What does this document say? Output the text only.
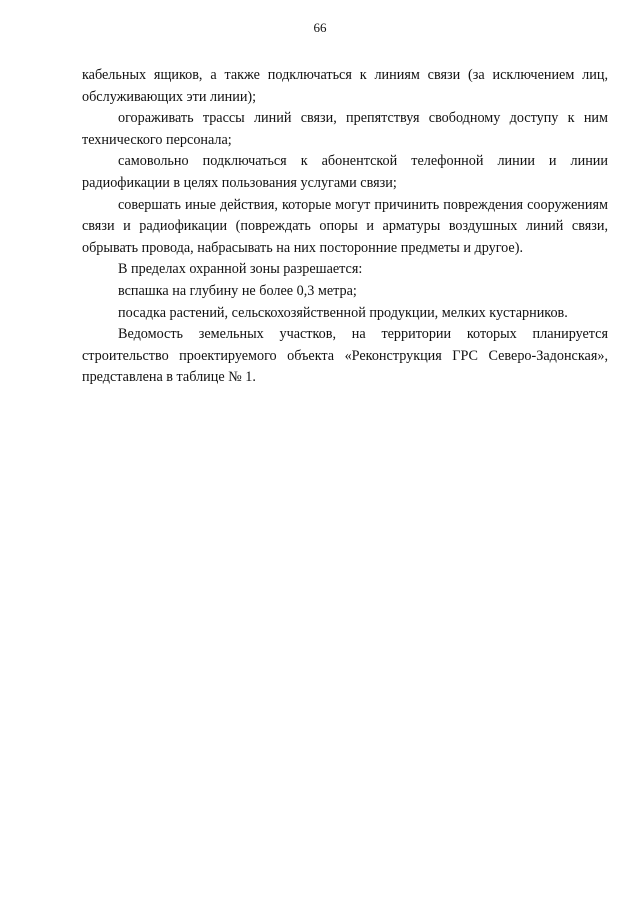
66

кабельных ящиков, а также подключаться к линиям связи (за исключением лиц, обслуживающих эти линии);

огораживать трассы линий связи, препятствуя свободному доступу к ним технического персонала;

самовольно подключаться к абонентской телефонной линии и линии радиофикации в целях пользования услугами связи;

совершать иные действия, которые могут причинить повреждения сооружениям связи и радиофикации (повреждать опоры и арматуры воздушных линий связи, обрывать провода, набрасывать на них посторонние предметы и другое).

В пределах охранной зоны разрешается:

вспашка на глубину не более 0,3 метра;

посадка растений, сельскохозяйственной продукции, мелких кустарников.

Ведомость земельных участков, на территории которых планируется строительство проектируемого объекта «Реконструкция ГРС Северо-Задонская», представлена в таблице № 1.
